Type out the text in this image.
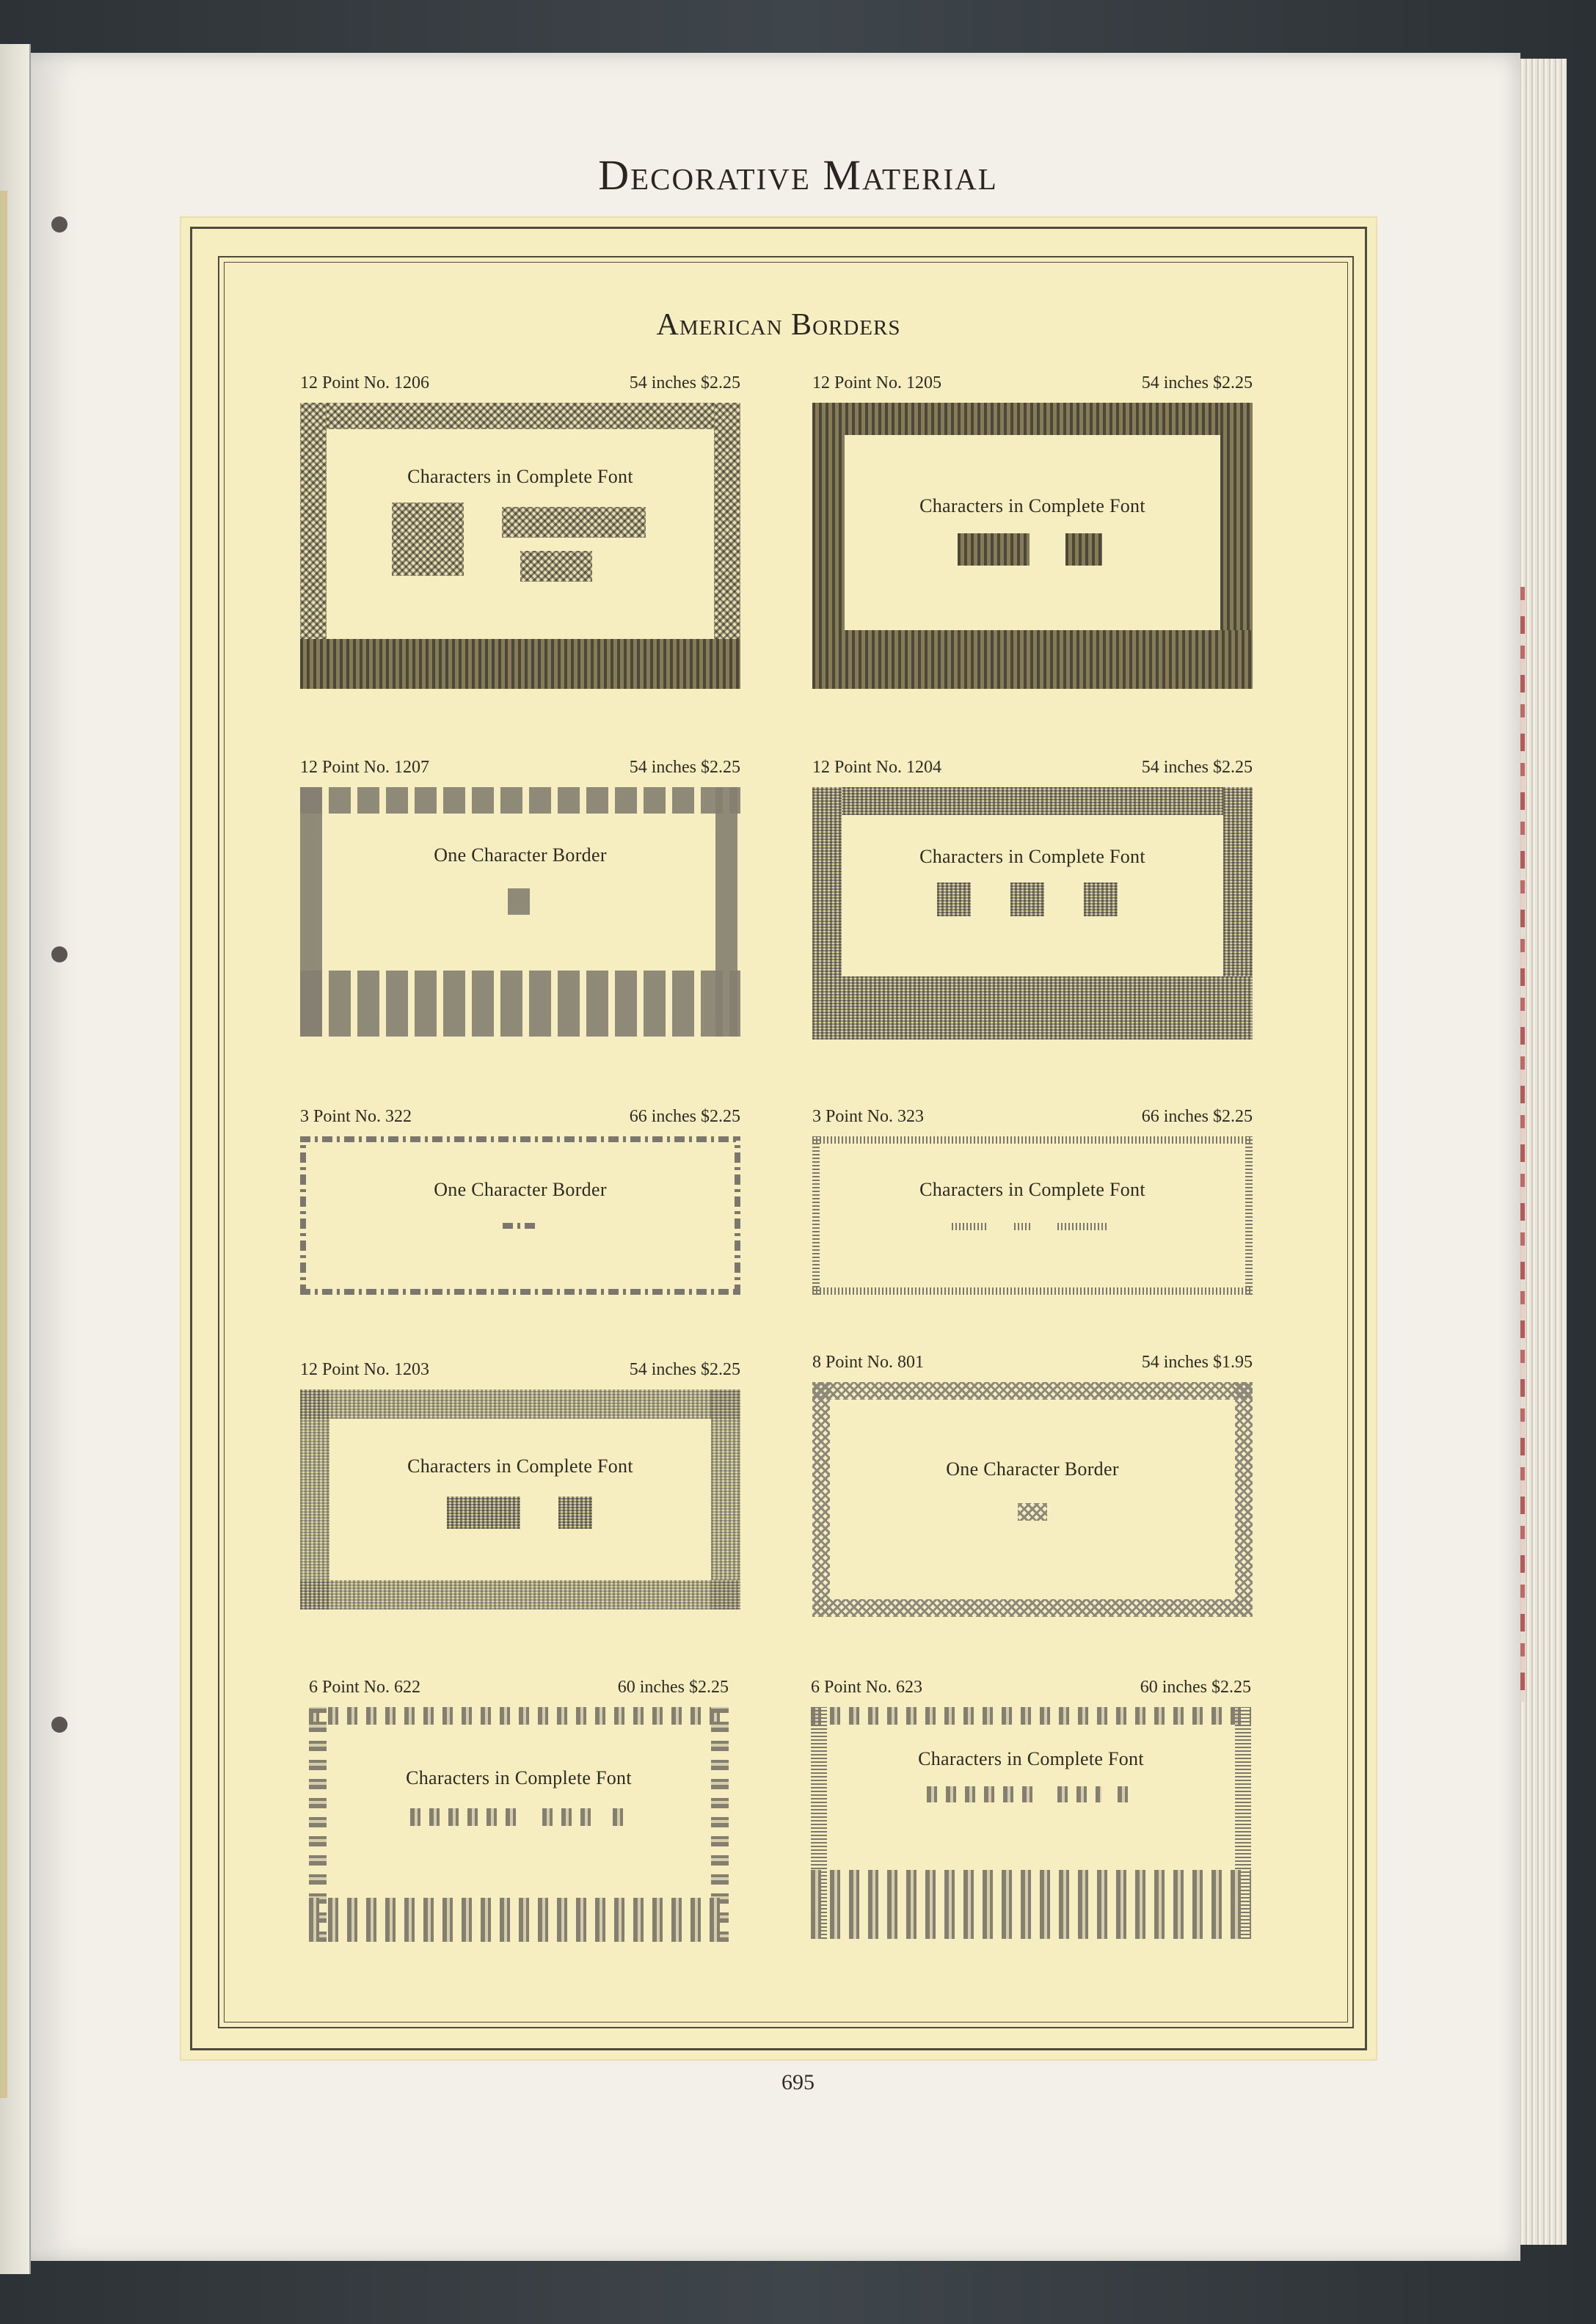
Decorative Material
American Borders
12 Point No. 1206	54 inches $2.25
Characters in Complete Font
12 Point No. 1205	54 inches $2.25
Characters in Complete Font
12 Point No. 1207	54 inches $2.25
One Character Border
12 Point No. 1204	54 inches $2.25
Characters in Complete Font
3 Point No. 322	66 inches $2.25
One Character Border
3 Point No. 323	66 inches $2.25
Characters in Complete Font
12 Point No. 1203	54 inches $2.25
Characters in Complete Font
8 Point No. 801	54 inches $1.95
One Character Border
6 Point No. 622	60 inches $2.25
Characters in Complete Font
6 Point No. 623	60 inches $2.25
Characters in Complete Font
695
